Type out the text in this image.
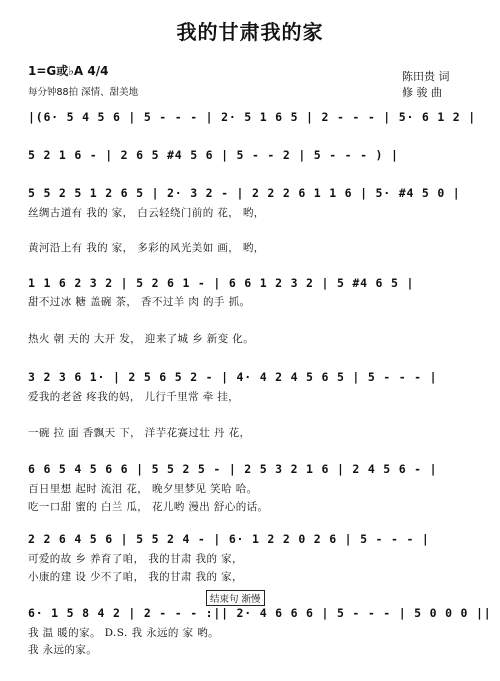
我的甘肃我的家
1=G或♭A 4/4
每分钟88拍 深情、甜美地
陈田贵 词
修 骏 曲
|(6· 5 4 5 6 | 5 - - - | 2· 5 1 6 5 | 2 - - - | 5· 6 1 2 |
5 2 1 6 - | 2 6 5 #4 5 6 | 5 - - 2 | 5 - - - ) |
5 5 2 5 1 2 6 5 | 2· 3 2 - | 2 2 2 6 1 1 6 | 5· #4 5 0 |
丝绸古道有 我的 家， 白云轻绕门前的 花， 哟，
黄河沿上有 我的 家， 多彩的风光美如 画， 哟，
1 1 6 2 3 2 | 5 2 6 1 - | 6 6 1 2 3 2 | 5 #4 6 5 |
甜不过冰 糖 盖碗 茶， 香不过羊 肉 的手 抓。
热火 朝 天的 大开 发， 迎来了城 乡 新变 化。
3 2 3 6 1· | 2 5 6 5 2 - | 4· 4 2 4 5 6 5 | 5 - - - |
爱我的老爸 疼我的妈， 儿行千里常 牵 挂，
一碗 拉 面 香飘天 下， 洋芋花赛过壮 丹 花，
6 6 5 4 5 6 6 | 5 5 2 5 - | 2 5 3 2 1 6 | 2 4 5 6 - |
百日里想 起时 流泪 花， 晚夕里梦见 笑哈 哈。
吃一口甜 蜜的 白兰 瓜， 花儿哟 漫出 舒心的话。
2 2 6 4 5 6 | 5 5 2 4 - | 6· 1 2 2 0 2 6 | 5 - - - |
可爱的故 乡 养育了咱， 我的甘肃 我的 家，
小康的建 设 少不了咱， 我的甘肃 我的 家，
结束句 渐慢
6· 1 5 8 4 2 | 2 - - - :|| 2· 4 6 6 6 | 5 - - - | 5 0 0 0 ||
我 温 暖的家。 D.S. 我 永远的 家 哟。
我 永远的家。
